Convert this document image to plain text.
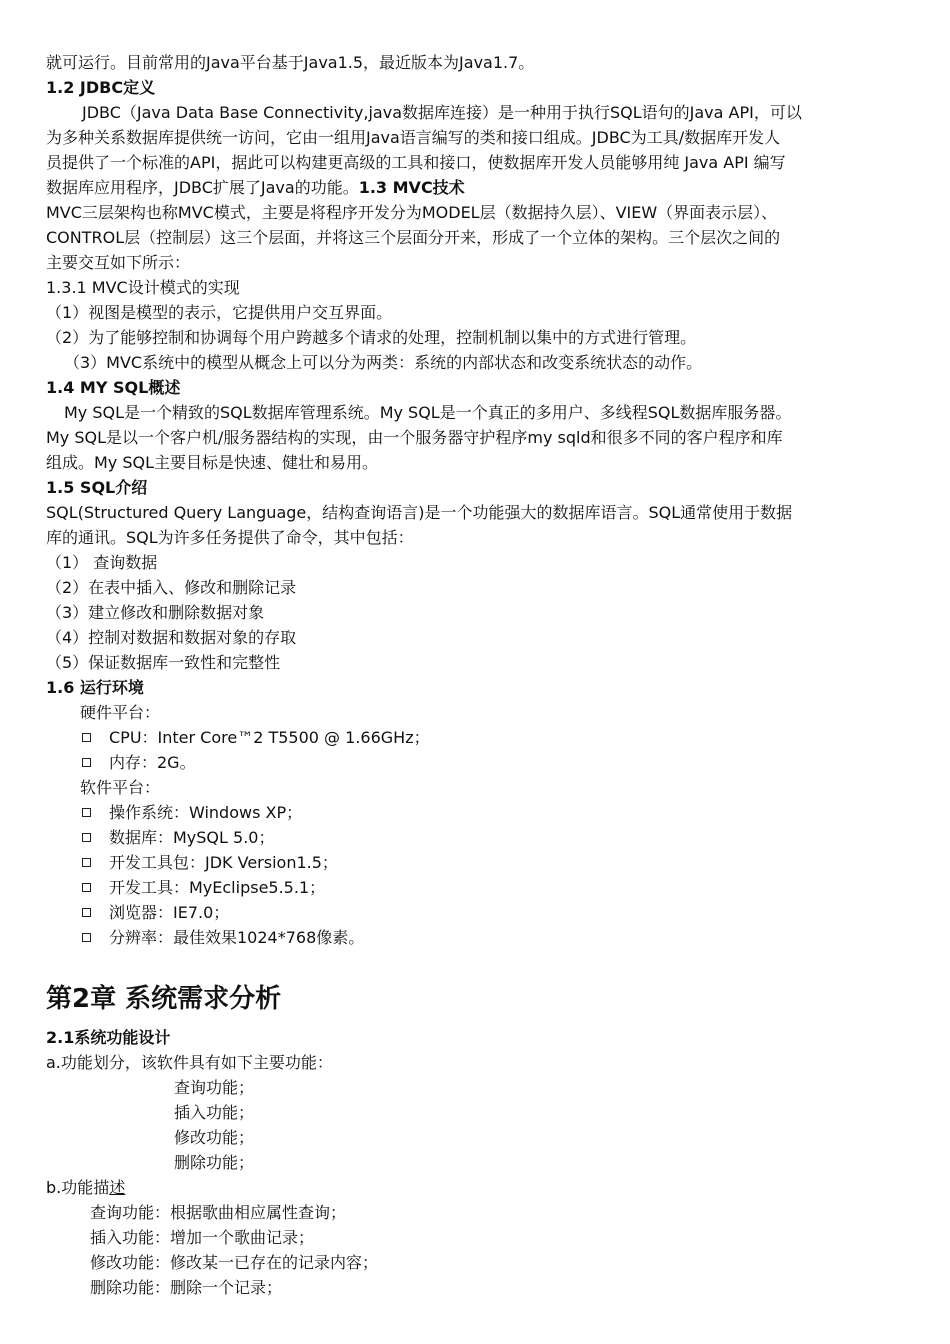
就可运行。目前常用的Java平台基于Java1.5，最近版本为Java1.7。
1.2 JDBC定义
JDBC（Java Data Base Connectivity,java数据库连接）是一种用于执行SQL语句的Java API，可以
为多种关系数据库提供统一访问，它由一组用Java语言编写的类和接口组成。JDBC为工具/数据库开发人
员提供了一个标准的API，据此可以构建更高级的工具和接口，使数据库开发人员能够用纯 Java API 编写
数据库应用程序，JDBC扩展了Java的功能。1.3 MVC技术
MVC三层架构也称MVC模式，主要是将程序开发分为MODEL层（数据持久层）、VIEW（界面表示层）、
CONTROL层（控制层）这三个层面，并将这三个层面分开来，形成了一个立体的架构。三个层次之间的
主要交互如下所示：
1.3.1 MVC设计模式的实现
（1）视图是模型的表示，它提供用户交互界面。
（2）为了能够控制和协调每个用户跨越多个请求的处理，控制机制以集中的方式进行管理。
（3）MVC系统中的模型从概念上可以分为两类：系统的内部状态和改变系统状态的动作。
1.4 MY SQL概述
My SQL是一个精致的SQL数据库管理系统。My SQL是一个真正的多用户、多线程SQL数据库服务器。
My SQL是以一个客户机/服务器结构的实现，由一个服务器守护程序my sqld和很多不同的客户程序和库
组成。My SQL主要目标是快速、健壮和易用。
1.5 SQL介绍
SQL(Structured Query Language，结构查询语言)是一个功能强大的数据库语言。SQL通常使用于数据
库的通讯。SQL为许多任务提供了命令，其中包括：
（1） 查询数据
（2）在表中插入、修改和删除记录
（3）建立修改和删除数据对象
（4）控制对数据和数据对象的存取
（5）保证数据库一致性和完整性
1.6 运行环境
硬件平台：
CPU：Inter Core™2 T5500 @ 1.66GHz；
内存：2G。
软件平台：
操作系统：Windows XP；
数据库：MySQL 5.0；
开发工具包：JDK Version1.5；
开发工具：MyEclipse5.5.1；
浏览器：IE7.0；
分辨率：最佳效果1024*768像素。
第2章 系统需求分析
2.1系统功能设计
a.功能划分，该软件具有如下主要功能：
查询功能；
插入功能；
修改功能；
删除功能；
b.功能描述
查询功能：根据歌曲相应属性查询；
插入功能：增加一个歌曲记录；
修改功能：修改某一已存在的记录内容；
删除功能：删除一个记录；
